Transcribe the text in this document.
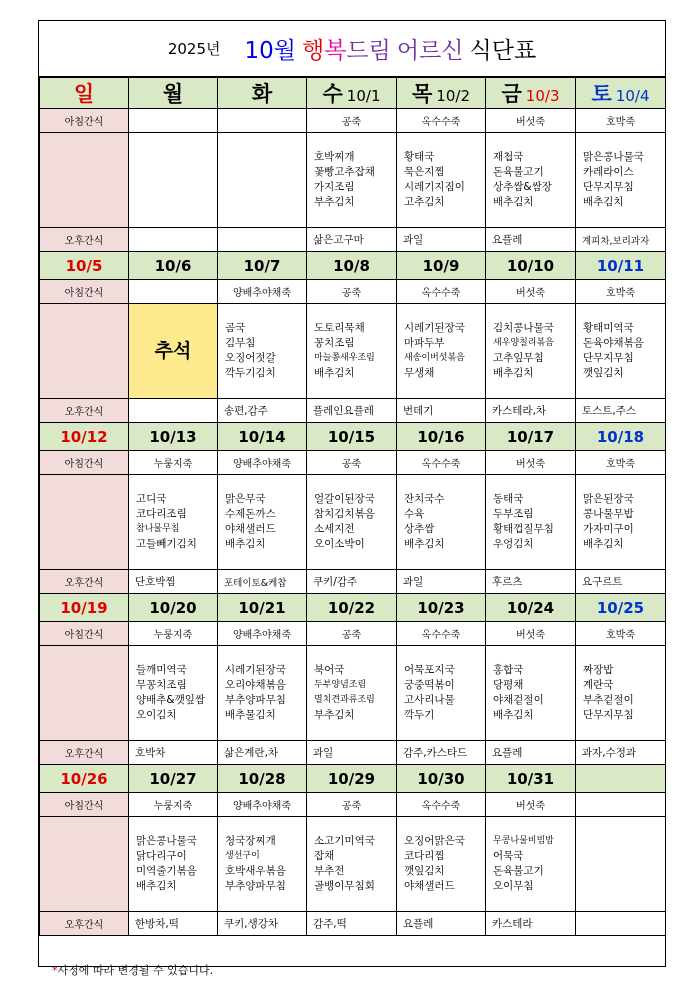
2025년 10월 행복드림 어르신 식단표
일	월	화	수 10/1	목 10/2	금 10/3	토 10/4
아침간식			공죽	옥수수죽	버섯죽	호박죽

			호박찌개
꽃빵고추잡채
가지조림
부추김치	황태국
묵은지찜
시레기지짐이
고추김치	재첩국
돈육불고기
상추쌈&쌈장
배추김치	맑은콩나물국
카레라이스
단무지무침
배추김치

오후간식			삶은고구마	과일	요플레	계피차,보리과자
10/5	10/6	10/7	10/8	10/9	10/10	10/11
아침간식		양배추야채죽	공죽	옥수수죽	버섯죽	호박죽
	추석	곰국
김무침
오징어젓갈
깍두기김치	도토리묵채
꽁치조림
마늘쫑새우조림
배추김치	시레기된장국
마파두부
새송이버섯볶음
무생채	김치콩나물국
새우양칠리볶음
고추잎무침
배추김치	황태미역국
돈육야채볶음
단무지무침
깻잎김치

오후간식		송편,감주	플레인요플레	번데기	카스테라,차	토스트,주스
10/12	10/13	10/14	10/15	10/16	10/17	10/18
아침간식	누룽지죽	양배추야채죽	공죽	옥수수죽	버섯죽	호박죽

	고디국
코다리조림
참나물무침
고들빼기김치	맑은무국
수제돈까스
야채샐러드
배추김치	얼갈이된장국
참치김치볶음
소세지전
오이소박이	잔치국수
수육
상추쌈
배추김치	동태국
두부조림
황태껍질무침
우엉김치	맑은된장국
콩나물무밥
가자미구이
배추김치

오후간식	단호박찜	포테이토&케찹	쿠키/감주	과일	후르츠	요구르트
10/19	10/20	10/21	10/22	10/23	10/24	10/25
아침간식	누룽지죽	양배추야채죽	공죽	옥수수죽	버섯죽	호박죽

	들깨미역국
무꽁치조림
양배추&깻잎쌈
오이김치	시레기된장국
오리야채볶음
부추양파무침
배추물김치	북어국
두부양념조림
멸치견과류조림
부추김치	어묵포지국
궁중떡볶이
고사리나물
깍두기	홍합국
당평채
야채겉절이
배추김치	짜장밥
계란국
부추겉절이
단무지무침

오후간식	호박차	삶은계란,차	과일	감주,카스타드	요플레	과자,수정과
10/26	10/27	10/28	10/29	10/30	10/31	
아침간식	누룽지죽	양배추야채죽	공죽	옥수수죽	버섯죽	

	맑은콩나물국
닭다리구이
미역줄기볶음
배추김치	청국장찌개
생선구이
호박새우볶음
부추양파무침	소고기미역국
잡채
부추전
골뱅이무침회	오징어맑은국
코다리찜
깻잎김치
야채샐러드	무콩나물비빔밥
어묵국
돈육불고기
오이무침	

오후간식	한방차,떡	쿠키,생강차	감주,떡	요플레	카스테라	
*사정에 따라 변경될 수 있습니다.
